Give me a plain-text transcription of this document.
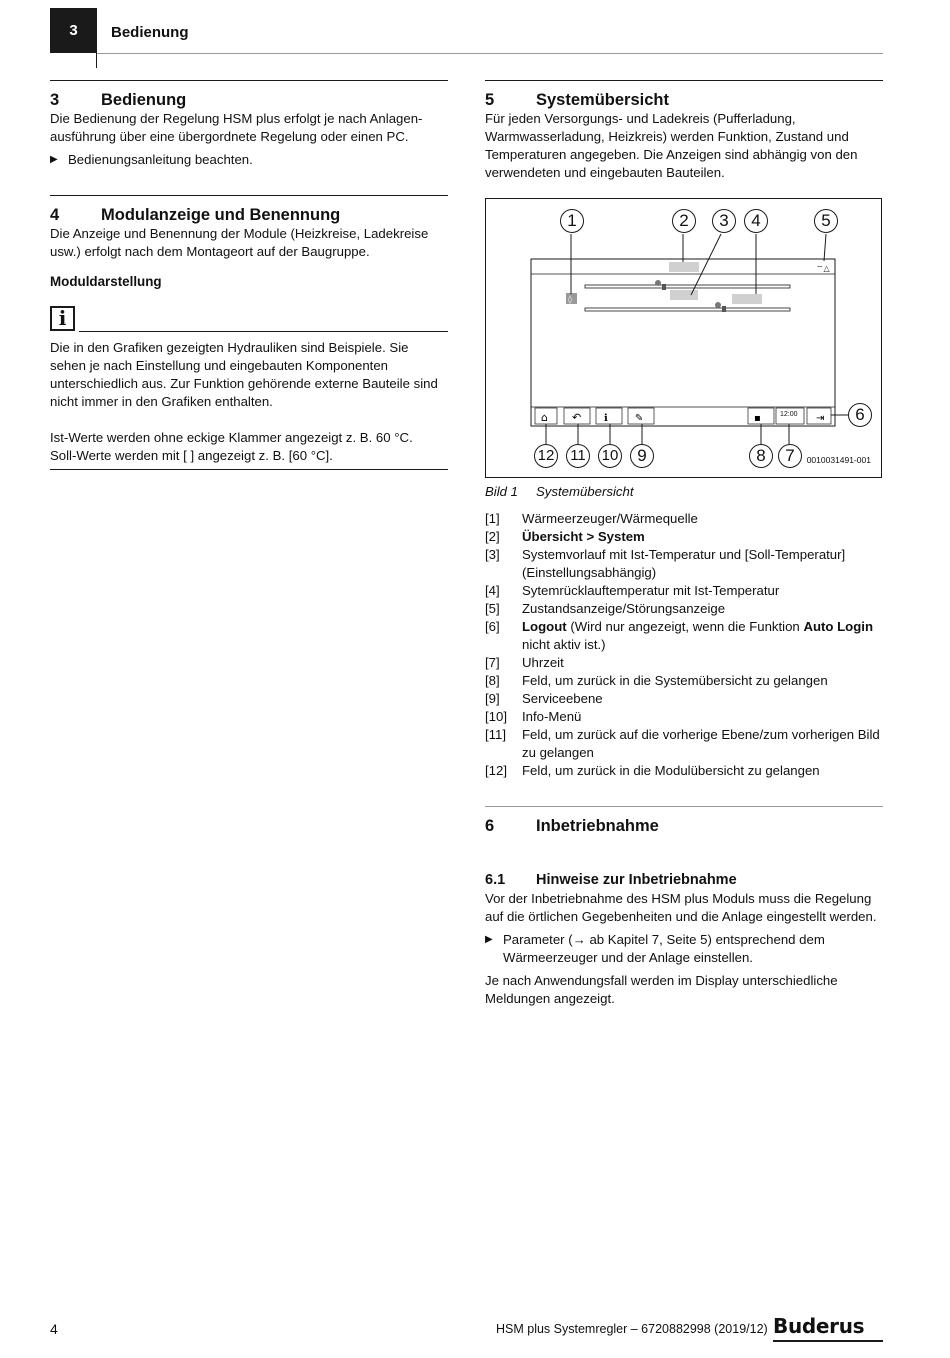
3	Bedienung
3	Bedienung

Die Bedienung der Regelung HSM plus erfolgt je nach Anlagen-ausführung über eine übergordnete Regelung oder einen PC.

▶ Bedienungsanleitung beachten.
4	Modulanzeige und Benennung

Die Anzeige und Benennung der Module (Heizkreise, Ladekreise usw.) erfolgt nach dem Montageort auf der Baugruppe.

Moduldarstellung
i

Die in den Grafiken gezeigten Hydrauliken sind Beispiele. Sie sehen je nach Einstellung und eingebauten Komponenten unterschiedlich aus. Zur Funktion gehörende externe Bauteile sind nicht immer in den Grafiken enthalten.

Ist-Werte werden ohne eckige Klammer angezeigt z. B. 60 °C.

Soll-Werte werden mit [ ] angezeigt z. B. [60 °C].

5	Systemübersicht

Für jeden Versorgungs- und Ladekreis (Pufferladung, Warmwasserladung, Heizkreis) werden Funktion, Zustand und Temperaturen angegeben. Die Anzeigen sind abhängig von den verwendeten und eingebauten Bauteilen.

⌔△
◊
⌂ ↶ ℹ	✎	▪	⇥
12:00
1	2	3	4	5
6
7
8
9
10
11
12	0010031491-001
Bild 1 Systemübersicht
[1]	Wärmeerzeuger/Wärmequelle
[2]	Übersicht > System
[3]	Systemvorlauf mit Ist-Temperatur und [Soll-Temperatur] (Einstellungsabhängig)
[4]	Sytemrücklauftemperatur mit Ist-Temperatur
[5]	Zustandsanzeige/Störungsanzeige
[6]	Logout (Wird nur angezeigt, wenn die Funktion Auto Login nicht aktiv ist.)
[7]	Uhrzeit
[8]	Feld, um zurück in die Systemübersicht zu gelangen
[9]	Serviceebene
[10]	Info-Menü
[11]	Feld, um zurück auf die vorherige Ebene/zum vorherigen Bild zu gelangen
[12]	Feld, um zurück in die Modulübersicht zu gelangen
6	Inbetriebnahme
6.1 Hinweise zur Inbetriebnahme

Vor der Inbetriebnahme des HSM plus Moduls muss die Regelung auf die örtlichen Gegebenheiten und die Anlage eingestellt werden.

▶ Parameter (→ ab Kapitel 7, Seite 5) entsprechend dem Wärmeerzeuger und der Anlage einstellen.

Je nach Anwendungsfall werden im Display unterschiedliche Meldungen angezeigt.

4	HSM plus Systemregler – 6720882998 (2019/12) Buderus
